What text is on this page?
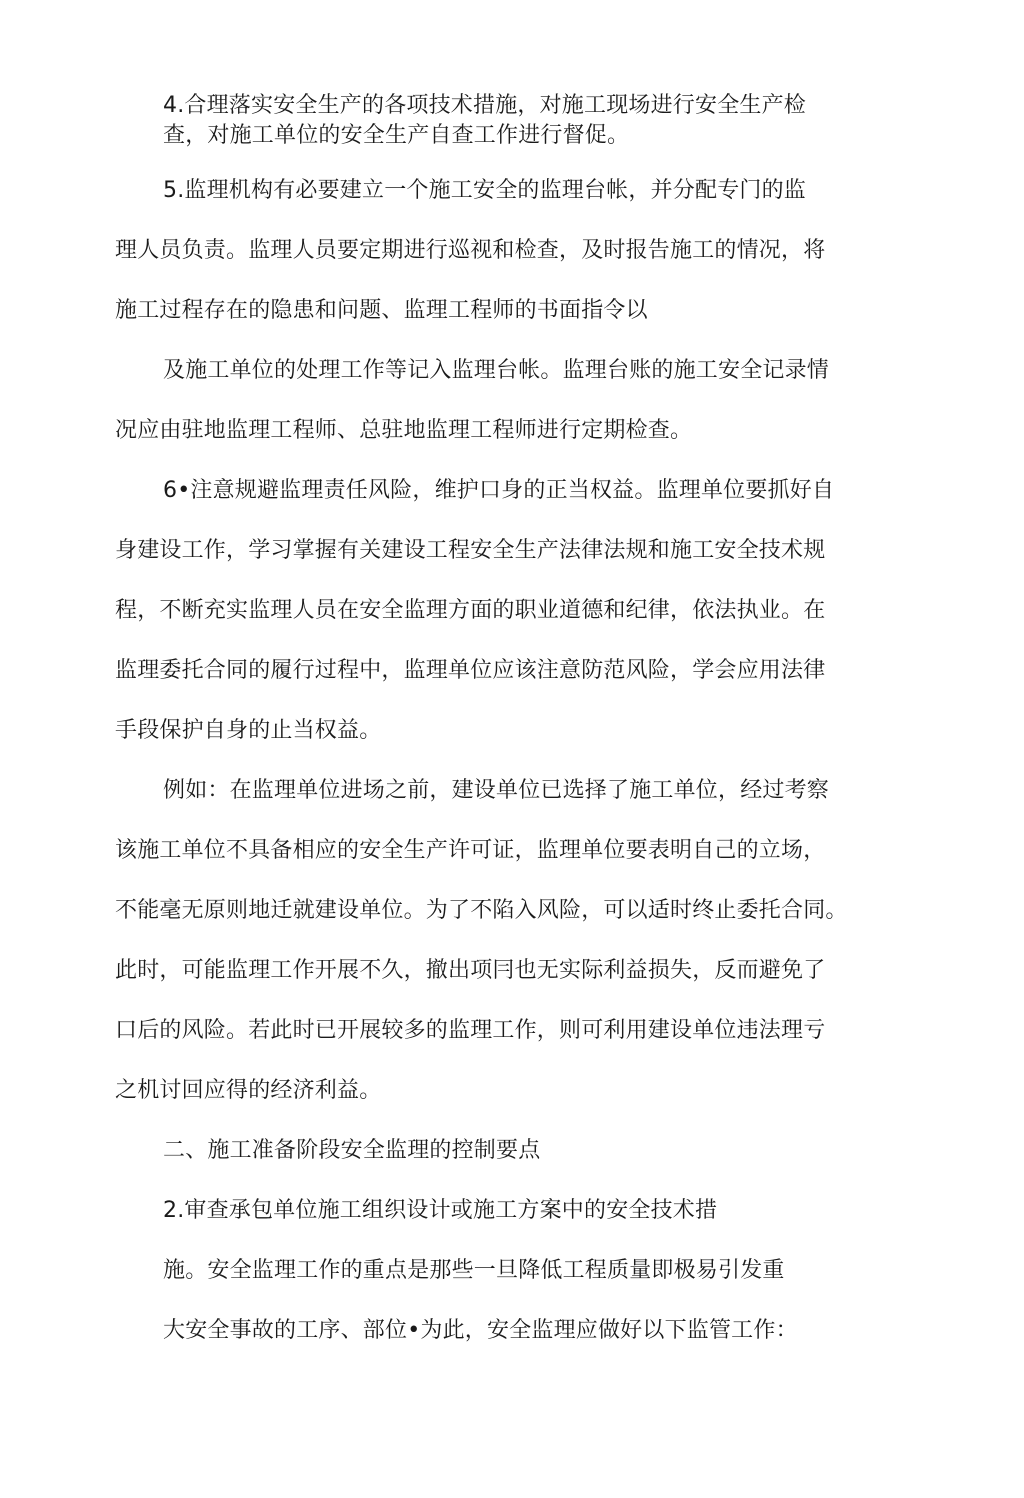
4.合理落实安全生产的各项技术措施，对施工现场进行安全生产检
查，对施工单位的安全生产自查工作进行督促。
5.监理机构有必要建立一个施工安全的监理台帐，并分配专门的监
理人员负责。监理人员要定期进行巡视和检查，及时报告施工的情况，将
施工过程存在的隐患和问题、监理工程师的书面指令以
及施工单位的处理工作等记入监理台帐。监理台账的施工安全记录情
况应由驻地监理工程师、总驻地监理工程师进行定期检查。
6•注意规避监理责任风险，维护口身的正当权益。监理单位要抓好自
身建设工作，学习掌握有关建设工程安全生产法律法规和施工安全技术规
程，不断充实监理人员在安全监理方面的职业道德和纪律，依法执业。在
监理委托合同的履行过程中，监理单位应该注意防范风险，学会应用法律
手段保护自身的止当权益。
例如：在监理单位进场之前，建设单位已选择了施工单位，经过考察
该施工单位不具备相应的安全生产许可证，监理单位要表明自己的立场，
不能毫无原则地迁就建设单位。为了不陷入风险，可以适时终止委托合同。
此时，可能监理工作开展不久，撤出项冃也无实际利益损失，反而避免了
口后的风险。若此时已开展较多的监理工作，则可利用建设单位违法理亏
之机讨回应得的经济利益。
二、施工准备阶段安全监理的控制要点
2.审查承包单位施工组织设计或施工方案中的安全技术措
施。安全监理工作的重点是那些一旦降低工程质量即极易引发重
大安全事故的工序、部位•为此，安全监理应做好以下监管工作：
